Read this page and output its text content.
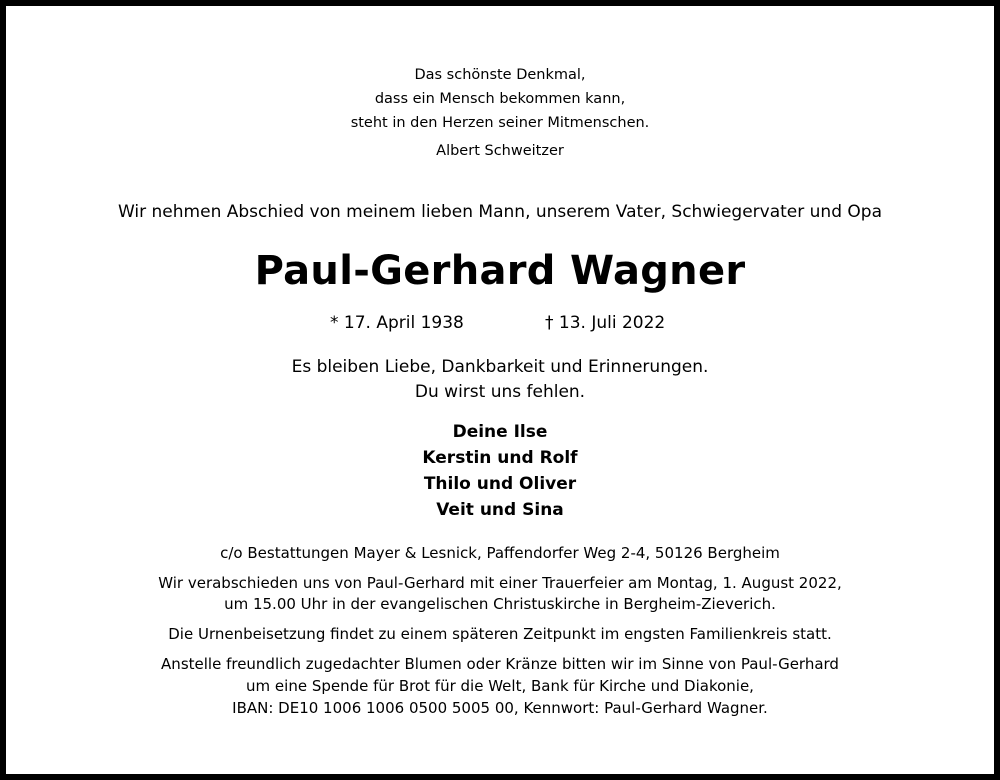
Das schönste Denkmal,
dass ein Mensch bekommen kann,
steht in den Herzen seiner Mitmenschen.
Albert Schweitzer
Wir nehmen Abschied von meinem lieben Mann, unserem Vater, Schwiegervater und Opa
Paul-Gerhard Wagner
* 17. April 1938	† 13. Juli 2022
Es bleiben Liebe, Dankbarkeit und Erinnerungen.
Du wirst uns fehlen.
Deine Ilse
Kerstin und Rolf
Thilo und Oliver
Veit und Sina
c/o Bestattungen Mayer & Lesnick, Paffendorfer Weg 2-4, 50126 Bergheim
Wir verabschieden uns von Paul-Gerhard mit einer Trauerfeier am Montag, 1. August 2022,
um 15.00 Uhr in der evangelischen Christuskirche in Bergheim-Zieverich.
Die Urnenbeisetzung findet zu einem späteren Zeitpunkt im engsten Familienkreis statt.
Anstelle freundlich zugedachter Blumen oder Kränze bitten wir im Sinne von Paul-Gerhard
um eine Spende für Brot für die Welt, Bank für Kirche und Diakonie,
IBAN: DE10 1006 1006 0500 5005 00, Kennwort: Paul-Gerhard Wagner.
